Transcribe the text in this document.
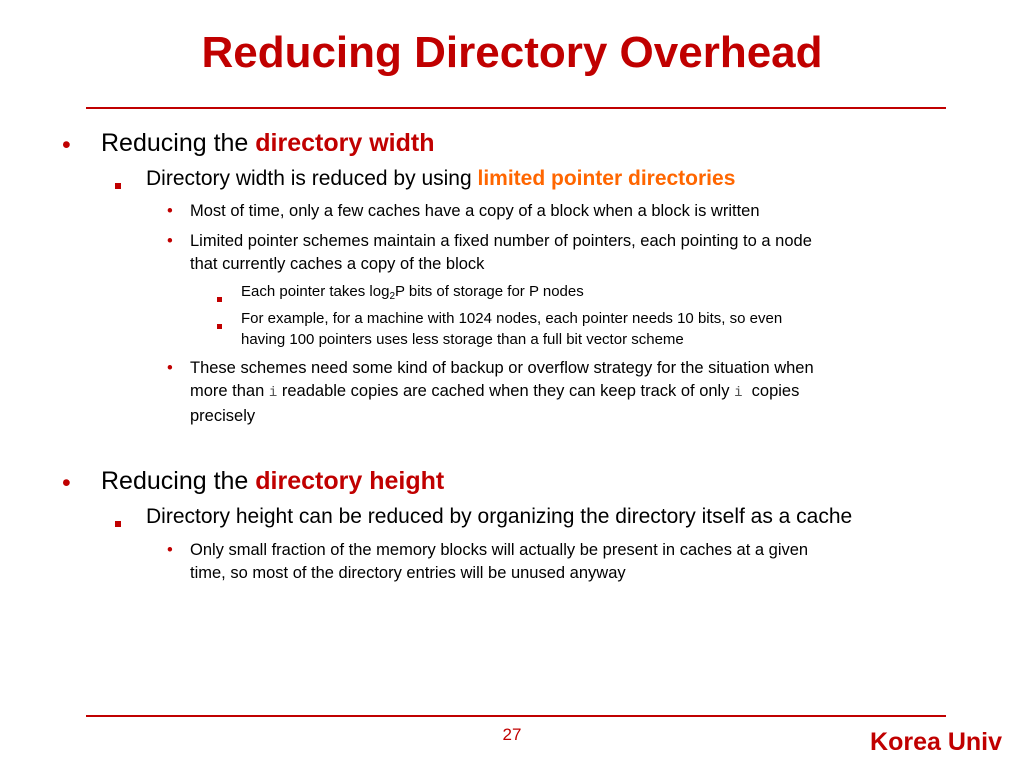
Reducing Directory Overhead
• Reducing the directory width

Directory width is reduced by using limited pointer directories

• Most of time, only a few caches have a copy of a block when a block is written

• Limited pointer schemes maintain a fixed number of pointers, each pointing to a node
that currently caches a copy of the block

Each pointer takes $\log_2P$ bits of storage for P nodes

For example, for a machine with 1024 nodes, each pointer needs 10 bits, so even
having 100 pointers uses less storage than a full bit vector scheme

• These schemes need some kind of backup or overflow strategy for the situation when
more than i readable copies are cached when they can keep track of only i  copies
precisely

• Reducing the directory height

Directory height can be reduced by organizing the directory itself as a cache

• Only small fraction of the memory blocks will actually be present in caches at a given
time, so most of the directory entries will be unused anyway

27	Korea Univ
